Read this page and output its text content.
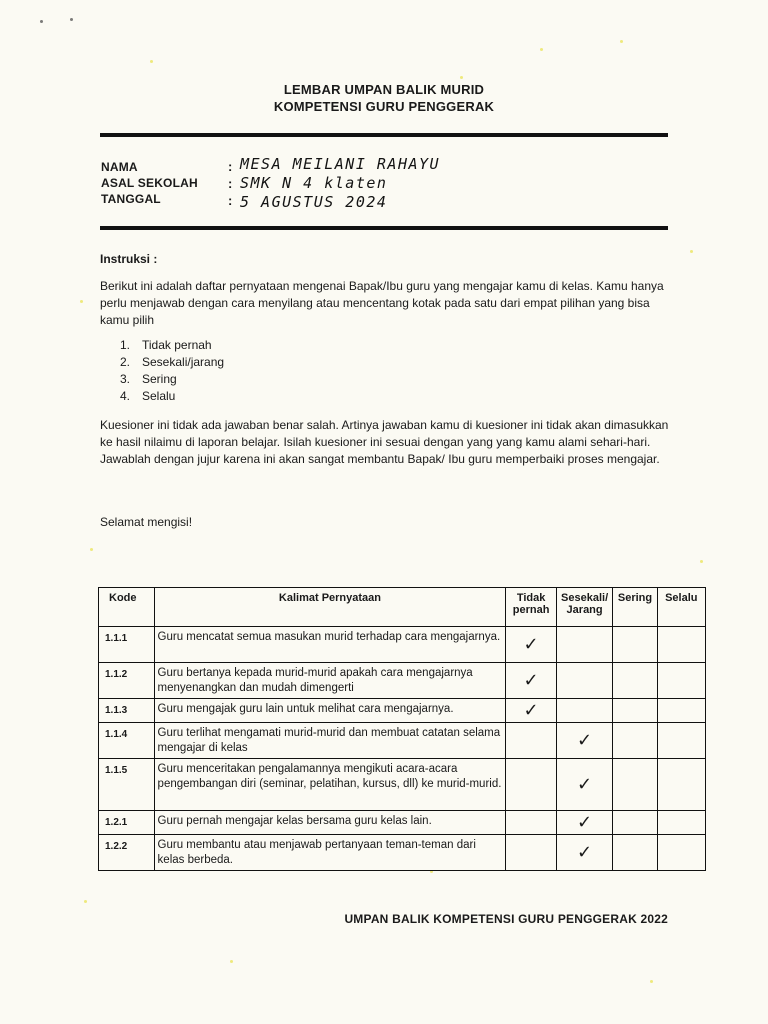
LEMBAR UMPAN BALIK MURID
KOMPETENSI GURU PENGGERAK
NAMA	: MESA MEILANI RAHAYU
ASAL SEKOLAH : SMK N 4 klaten
TANGGAL	: 5 AGUSTUS 2024
Instruksi :
Berikut ini adalah daftar pernyataan mengenai Bapak/Ibu guru yang mengajar kamu di kelas. Kamu hanya perlu menjawab dengan cara menyilang atau mencentang kotak pada satu dari empat pilihan yang bisa kamu pilih
1. Tidak pernah
2. Sesekali/jarang
3. Sering
4. Selalu
Kuesioner ini tidak ada jawaban benar salah. Artinya jawaban kamu di kuesioner ini tidak akan dimasukkan ke hasil nilaimu di laporan belajar. Isilah kuesioner ini sesuai dengan yang yang kamu alami sehari-hari. Jawablah dengan jujur karena ini akan sangat membantu Bapak/ Ibu guru memperbaiki proses mengajar.
Selamat mengisi!
Kode	Kalimat Pernyataan	Tidak pernah	Sesekali/ Jarang	Sering	Selalu
1.1.1	Guru mencatat semua masukan murid terhadap cara mengajarnya.	✓			
1.1.2	Guru bertanya kepada murid-murid apakah cara mengajarnya menyenangkan dan mudah dimengerti	✓			
1.1.3	Guru mengajak guru lain untuk melihat cara mengajarnya.	✓			
1.1.4	Guru terlihat mengamati murid-murid dan membuat catatan selama mengajar di kelas		✓		
1.1.5	Guru menceritakan pengalamannya mengikuti acara-acara pengembangan diri (seminar, pelatihan, kursus, dll) ke murid-murid.		✓		
1.2.1	Guru pernah mengajar kelas bersama guru kelas lain.		✓		
1.2.2	Guru membantu atau menjawab pertanyaan teman-teman dari kelas berbeda.		✓		
UMPAN BALIK KOMPETENSI GURU PENGGERAK 2022
